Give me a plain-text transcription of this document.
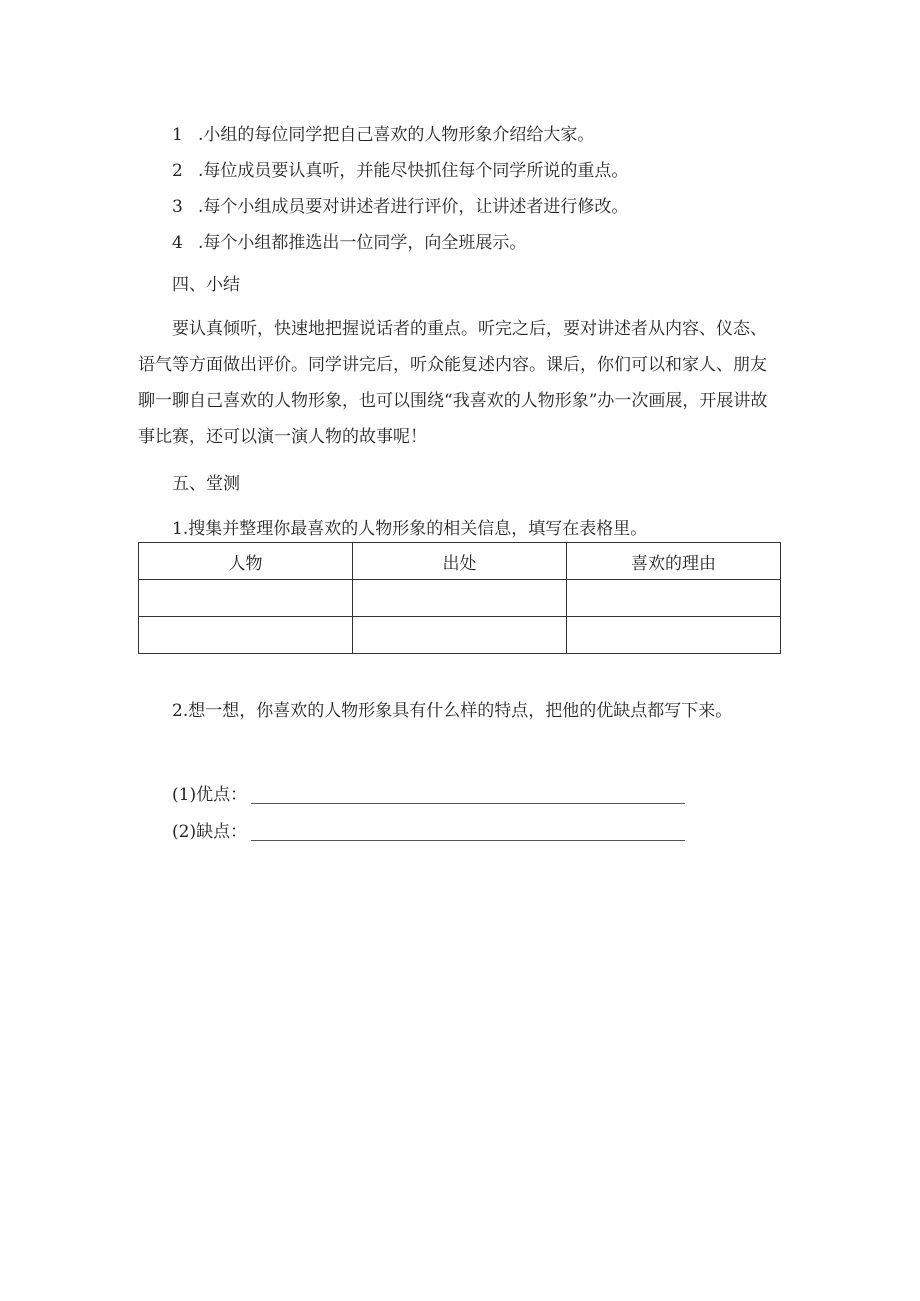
1 .小组的每位同学把自己喜欢的人物形象介绍给大家。
2 .每位成员要认真听，并能尽快抓住每个同学所说的重点。
3 .每个小组成员要对讲述者进行评价，让讲述者进行修改。
4 .每个小组都推选出一位同学，向全班展示。
四、小结
要认真倾听，快速地把握说话者的重点。听完之后，要对讲述者从内容、仪态、语气等方面做出评价。同学讲完后，听众能复述内容。课后，你们可以和家人、朋友聊一聊自己喜欢的人物形象，也可以围绕“我喜欢的人物形象”办一次画展，开展讲故事比赛，还可以演一演人物的故事呢！
五、堂测
1.搜集并整理你最喜欢的人物形象的相关信息，填写在表格里。
人物	出处	喜欢的理由

2.想一想，你喜欢的人物形象具有什么样的特点，把他的优缺点都写下来。
(1)优点：
(2)缺点：
